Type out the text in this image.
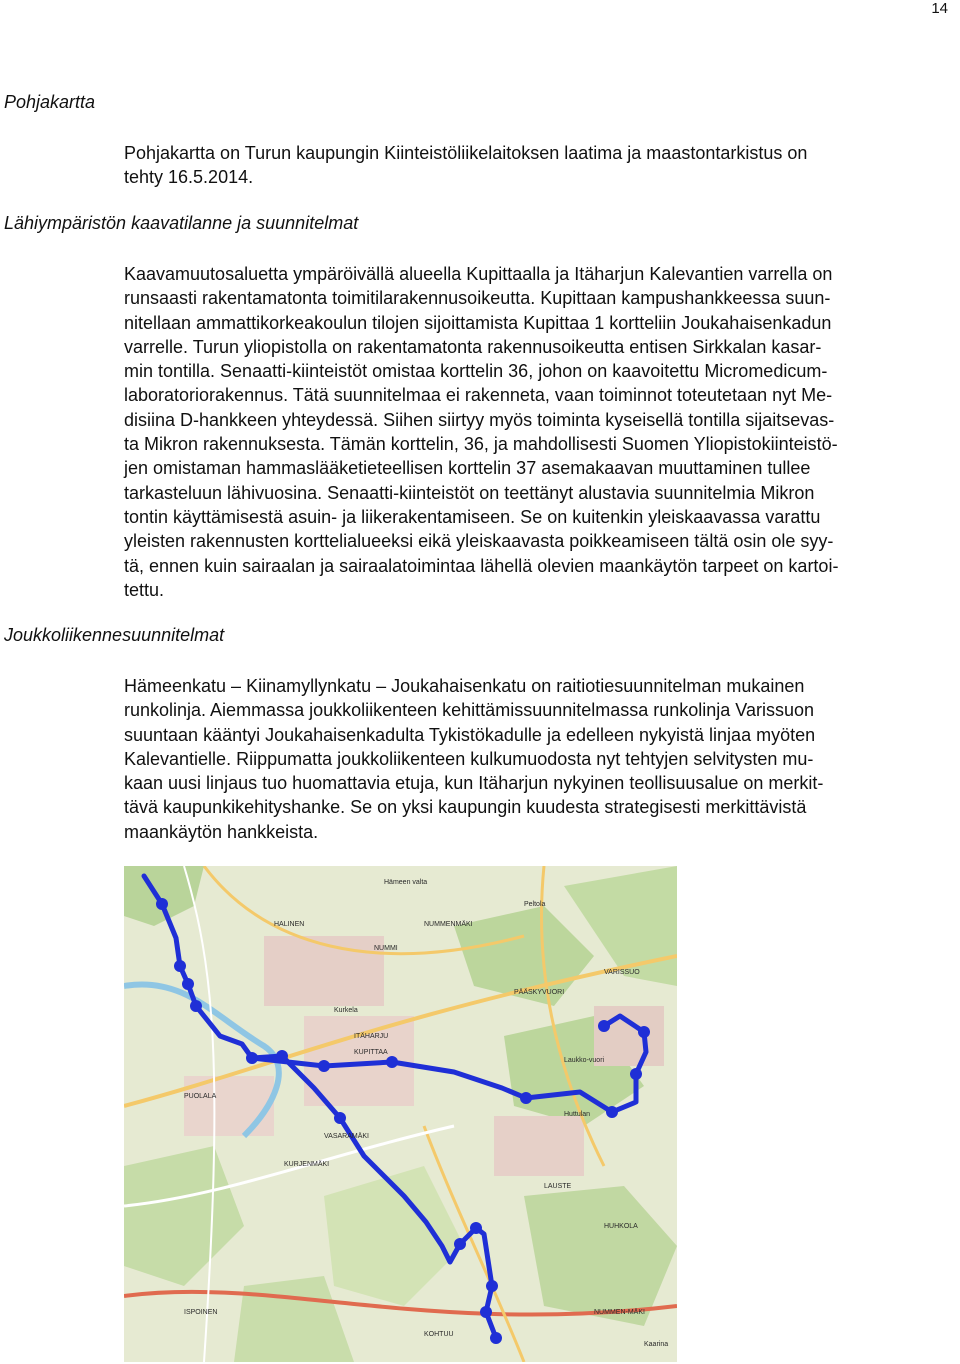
14
Pohjakartta

Pohjakartta on Turun kaupungin Kiinteistöliikelaitoksen laatima ja maastontarkistus on
tehty 16.5.2014.

Lähiympäristön kaavatilanne ja suunnitelmat

Kaavamuutosaluetta ympäröivällä alueella Kupittaalla ja Itäharjun Kalevantien varrella on
runsaasti rakentamatonta toimitilarakennusoikeutta. Kupittaan kampushankkeessa suun-
nitellaan ammattikorkeakoulun tilojen sijoittamista Kupittaa 1 kortteliin Joukahaisenkadun
varrelle. Turun yliopistolla on rakentamatonta rakennusoikeutta entisen Sirkkalan kasar-
min tontilla. Senaatti-kiinteistöt omistaa korttelin 36, johon on kaavoitettu Micromedicum-
laboratoriorakennus. Tätä suunnitelmaa ei rakenneta, vaan toiminnot toteutetaan nyt Me-
disiina D-hankkeen yhteydessä. Siihen siirtyy myös toiminta kyseisellä tontilla sijaitsevas-
ta Mikron rakennuksesta. Tämän korttelin, 36, ja mahdollisesti Suomen Yliopistokiinteistö-
jen omistaman hammaslääketieteellisen korttelin 37 asemakaavan muuttaminen tullee
tarkasteluun lähivuosina. Senaatti-kiinteistöt on teettänyt alustavia suunnitelmia Mikron
tontin käyttämisestä asuin- ja liikerakentamiseen. Se on kuitenkin yleiskaavassa varattu
yleisten rakennusten korttelialueeksi eikä yleiskaavasta poikkeamiseen tältä osin ole syy-
tä, ennen kuin sairaalan ja sairaalatoimintaa lähellä olevien maankäytön tarpeet on kartoi-
tettu.

Joukkoliikennesuunnitelmat

Hämeenkatu – Kiinamyllynkatu – Joukahaisenkatu on raitiotiesuunnitelman mukainen
runkolinja. Aiemmassa joukkoliikenteen kehittämissuunnitelmassa runkolinja Varissuon
suuntaan kääntyi Joukahaisenkadulta Tykistökadulle ja edelleen nykyistä linjaa myöten
Kalevantielle. Riippumatta joukkoliikenteen kulkumuodosta nyt tehtyjen selvitysten mu-
kaan uusi linjaus tuo huomattavia etuja, kun Itäharjun nykyinen teollisuusalue on merkit-
tävä kaupunkikehityshanke. Se on yksi kaupungin kuudesta strategisesti merkittävistä
maankäytön hankkeista.

Hämeen valta
HALINEN	NUMMENMÄKI
NUMMI
VARISSUO
PÄÄSKYVUORI
ITÄHARJU
KUPITTAA
PUOLALA
VASARAMÄKI
KURJENMÄKI
LAUSTE
HUHKOLA
NUMMEN-MÄKI
ISPOINEN
KOHTUU
Peltola
Kurkela
Laukko-vuori
Huttulan
Kaarina
